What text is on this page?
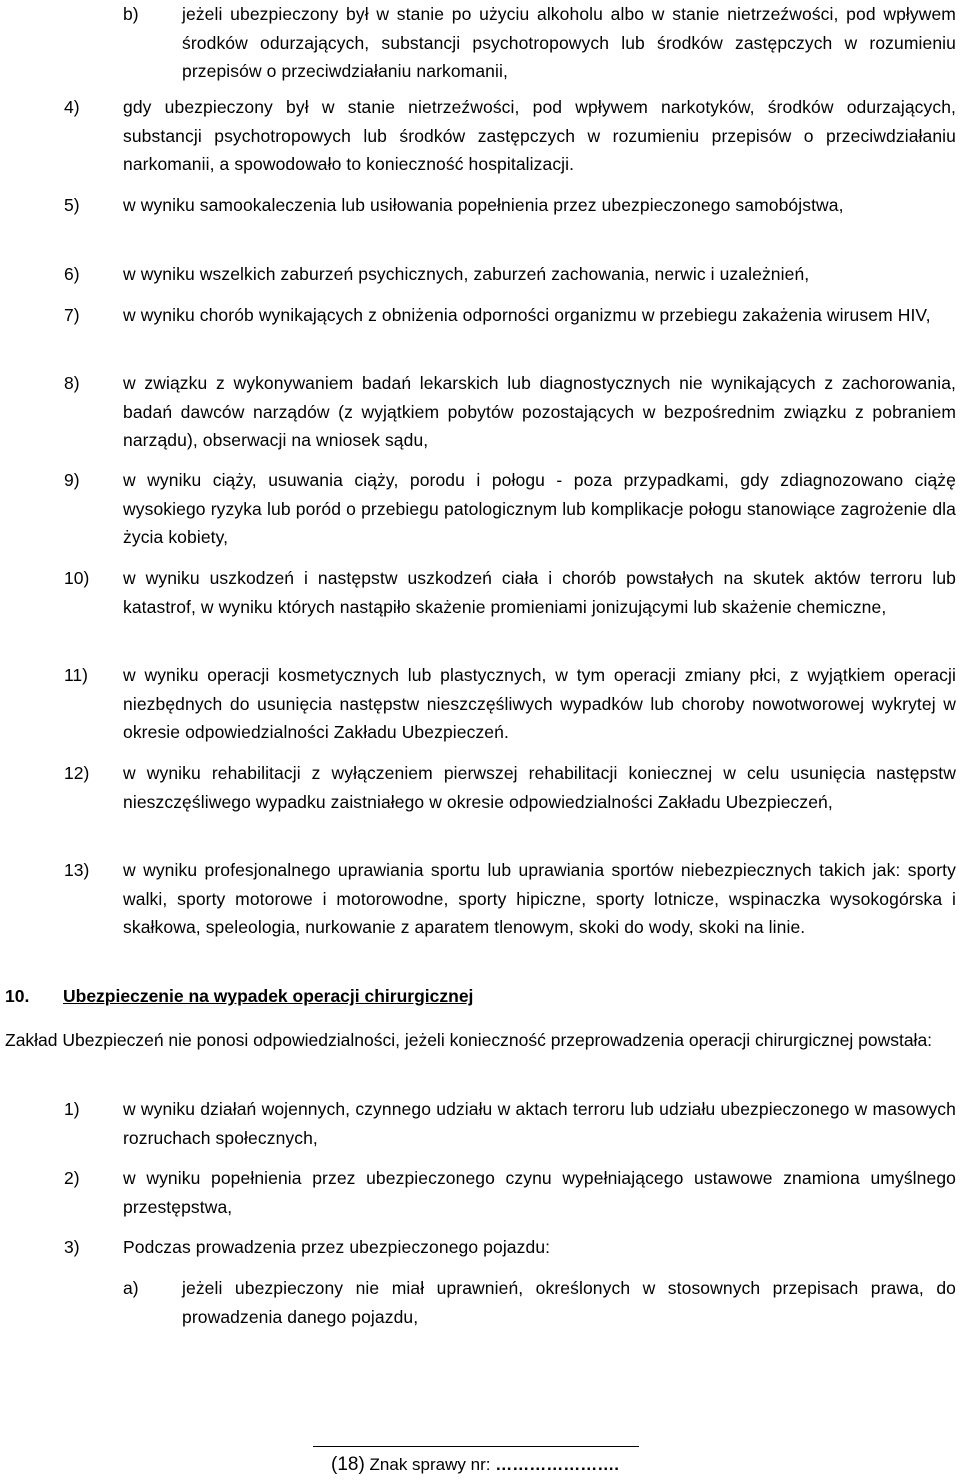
b) jeżeli ubezpieczony był w stanie po użyciu alkoholu albo w stanie nietrzeźwości, pod wpływem środków odurzających, substancji psychotropowych lub środków zastępczych w rozumieniu przepisów o przeciwdziałaniu narkomanii,
4) gdy ubezpieczony był w stanie nietrzeźwości, pod wpływem narkotyków, środków odurzających, substancji psychotropowych lub środków zastępczych w rozumieniu przepisów o przeciwdziałaniu narkomanii, a spowodowało to konieczność hospitalizacji.
5) w wyniku samookaleczenia lub usiłowania popełnienia przez ubezpieczonego samobójstwa,
6) w wyniku wszelkich zaburzeń psychicznych, zaburzeń zachowania, nerwic i uzależnień,
7) w wyniku chorób wynikających z obniżenia odporności organizmu w przebiegu zakażenia wirusem HIV,
8) w związku z wykonywaniem badań lekarskich lub diagnostycznych nie wynikających z zachorowania, badań dawców narządów (z wyjątkiem pobytów pozostających w bezpośrednim związku z pobraniem narządu), obserwacji na wniosek sądu,
9) w wyniku ciąży, usuwania ciąży, porodu i połogu - poza przypadkami, gdy zdiagnozowano ciążę wysokiego ryzyka lub poród o przebiegu patologicznym lub komplikacje połogu stanowiące zagrożenie dla życia kobiety,
10) w wyniku uszkodzeń i następstw uszkodzeń ciała i chorób powstałych na skutek aktów terroru lub katastrof, w wyniku których nastąpiło skażenie promieniami jonizującymi lub skażenie chemiczne,
11) w wyniku operacji kosmetycznych lub plastycznych, w tym operacji zmiany płci, z wyjątkiem operacji niezbędnych do usunięcia następstw nieszczęśliwych wypadków lub choroby nowotworowej wykrytej w okresie odpowiedzialności Zakładu Ubezpieczeń.
12) w wyniku rehabilitacji z wyłączeniem pierwszej rehabilitacji koniecznej w celu usunięcia następstw nieszczęśliwego wypadku zaistniałego w okresie odpowiedzialności Zakładu Ubezpieczeń,
13) w wyniku profesjonalnego uprawiania sportu lub uprawiania sportów niebezpiecznych takich jak: sporty walki, sporty motorowe i motorowodne, sporty hipiczne, sporty lotnicze, wspinaczka wysokogórska i skałkowa, speleologia, nurkowanie z aparatem tlenowym, skoki do wody, skoki na linie.
10. Ubezpieczenie na wypadek operacji chirurgicznej
Zakład Ubezpieczeń nie ponosi odpowiedzialności, jeżeli konieczność przeprowadzenia operacji chirurgicznej powstała:
1) w wyniku działań wojennych, czynnego udziału w aktach terroru lub udziału ubezpieczonego w masowych rozruchach społecznych,
2) w wyniku popełnienia przez ubezpieczonego czynu wypełniającego ustawowe znamiona umyślnego przestępstwa,
3) Podczas prowadzenia przez ubezpieczonego pojazdu:
a) jeżeli ubezpieczony nie miał uprawnień, określonych w stosownych przepisach prawa, do prowadzenia danego pojazdu,
(18) Znak sprawy nr: ………………….
